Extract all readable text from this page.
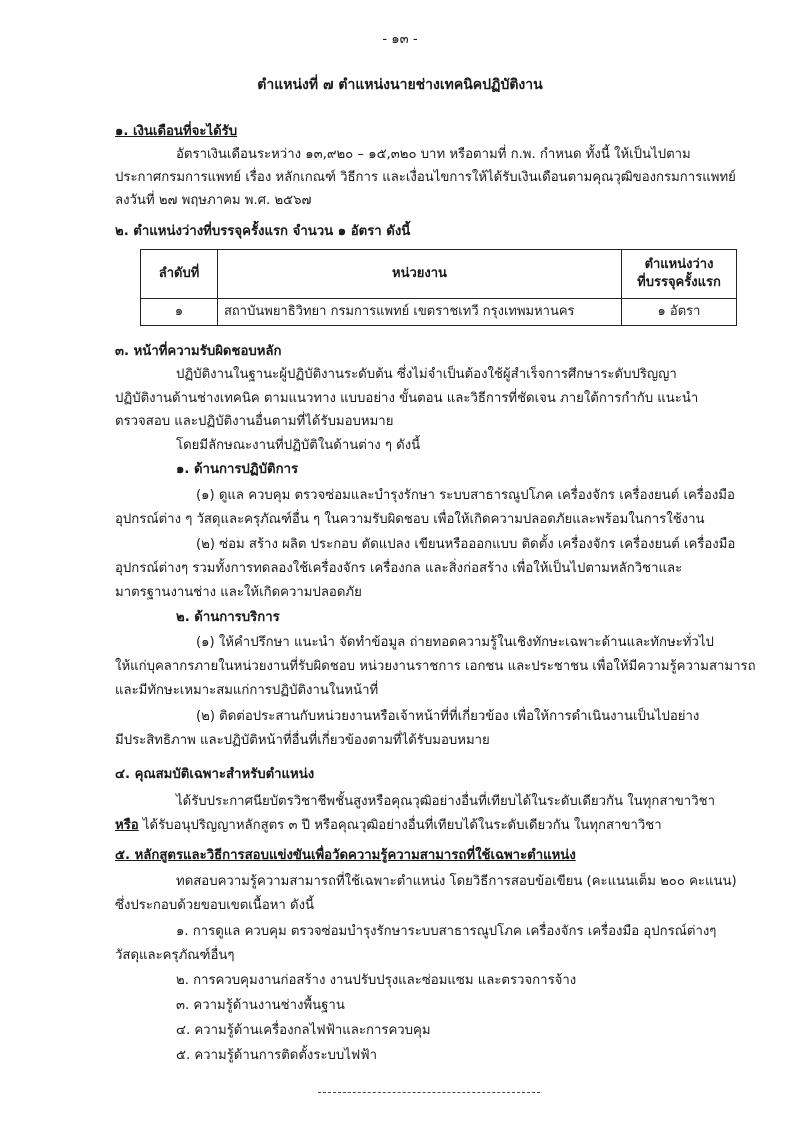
- ๑๓ -
ตำแหน่งที่ ๗ ตำแหน่งนายช่างเทคนิคปฏิบัติงาน
๑. เงินเดือนที่จะได้รับ
อัตราเงินเดือนระหว่าง ๑๓,๙๒๐ – ๑๕,๓๒๐ บาท หรือตามที่ ก.พ. กำหนด ทั้งนี้ ให้เป็นไปตาม
ประกาศกรมการแพทย์ เรื่อง หลักเกณฑ์ วิธีการ และเงื่อนไขการให้ได้รับเงินเดือนตามคุณวุฒิของกรมการแพทย์
ลงวันที่ ๒๗ พฤษภาคม พ.ศ. ๒๕๖๗
๒. ตำแหน่งว่างที่บรรจุครั้งแรก จำนวน ๑ อัตรา ดังนี้
ลำดับที่	หน่วยงาน	ตำแหน่งว่าง
ที่บรรจุครั้งแรก

๑	สถาบันพยาธิวิทยา กรมการแพทย์ เขตราชเทวี กรุงเทพมหานคร	๑ อัตรา
๓. หน้าที่ความรับผิดชอบหลัก
ปฏิบัติงานในฐานะผู้ปฏิบัติงานระดับต้น ซึ่งไม่จำเป็นต้องใช้ผู้สำเร็จการศึกษาระดับปริญญา
ปฏิบัติงานด้านช่างเทคนิค ตามแนวทาง แบบอย่าง ขั้นตอน และวิธีการที่ชัดเจน ภายใต้การกำกับ แนะนำ
ตรวจสอบ และปฏิบัติงานอื่นตามที่ได้รับมอบหมาย
โดยมีลักษณะงานที่ปฏิบัติในด้านต่าง ๆ ดังนี้
๑. ด้านการปฏิบัติการ
(๑) ดูแล ควบคุม ตรวจซ่อมและบำรุงรักษา ระบบสาธารณูปโภค เครื่องจักร เครื่องยนต์ เครื่องมือ
อุปกรณ์ต่าง ๆ วัสดุและครุภัณฑ์อื่น ๆ ในความรับผิดชอบ เพื่อให้เกิดความปลอดภัยและพร้อมในการใช้งาน
(๒) ซ่อม สร้าง ผลิต ประกอบ ดัดแปลง เขียนหรือออกแบบ ติดตั้ง เครื่องจักร เครื่องยนต์ เครื่องมือ
อุปกรณ์ต่างๆ รวมทั้งการทดลองใช้เครื่องจักร เครื่องกล และสิ่งก่อสร้าง เพื่อให้เป็นไปตามหลักวิชาและ
มาตรฐานงานช่าง และให้เกิดความปลอดภัย
๒. ด้านการบริการ
(๑) ให้คำปรึกษา แนะนำ จัดทำข้อมูล ถ่ายทอดความรู้ในเชิงทักษะเฉพาะด้านและทักษะทั่วไป
ให้แก่บุคลากรภายในหน่วยงานที่รับผิดชอบ หน่วยงานราชการ เอกชน และประชาชน เพื่อให้มีความรู้ความสามารถ
และมีทักษะเหมาะสมแก่การปฏิบัติงานในหน้าที่
(๒) ติดต่อประสานกับหน่วยงานหรือเจ้าหน้าที่ที่เกี่ยวข้อง เพื่อให้การดำเนินงานเป็นไปอย่าง
มีประสิทธิภาพ และปฏิบัติหน้าที่อื่นที่เกี่ยวข้องตามที่ได้รับมอบหมาย
๔. คุณสมบัติเฉพาะสำหรับตำแหน่ง
ได้รับประกาศนียบัตรวิชาชีพชั้นสูงหรือคุณวุฒิอย่างอื่นที่เทียบได้ในระดับเดียวกัน ในทุกสาขาวิชา
หรือ ได้รับอนุปริญญาหลักสูตร ๓ ปี หรือคุณวุฒิอย่างอื่นที่เทียบได้ในระดับเดียวกัน ในทุกสาขาวิชา
๕. หลักสูตรและวิธีการสอบแข่งขันเพื่อวัดความรู้ความสามารถที่ใช้เฉพาะตำแหน่ง
ทดสอบความรู้ความสามารถที่ใช้เฉพาะตำแหน่ง โดยวิธีการสอบข้อเขียน (คะแนนเต็ม ๒๐๐ คะแนน)
ซึ่งประกอบด้วยขอบเขตเนื้อหา ดังนี้
๑. การดูแล ควบคุม ตรวจซ่อมบำรุงรักษาระบบสาธารณูปโภค เครื่องจักร เครื่องมือ อุปกรณ์ต่างๆ
วัสดุและครุภัณฑ์อื่นๆ
๒. การควบคุมงานก่อสร้าง งานปรับปรุงและซ่อมแซม และตรวจการจ้าง
๓. ความรู้ด้านงานช่างพื้นฐาน
๔. ความรู้ด้านเครื่องกลไฟฟ้าและการควบคุม
๕. ความรู้ด้านการติดตั้งระบบไฟฟ้า
